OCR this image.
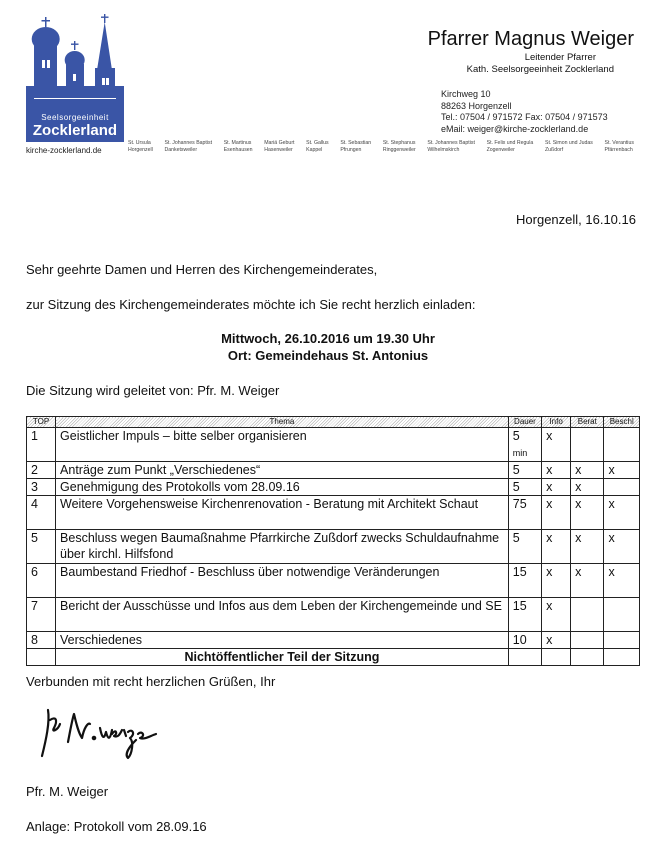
Seelsorgeeinheit
Zocklerland
kirche-zocklerland.de
Pfarrer Magnus Weiger
Leitender Pfarrer
Kath. Seelsorgeeinheit Zocklerland
Kirchweg 10
88263 Horgenzell
Tel.: 07504 / 971572 Fax: 07504 / 971573
eMail: weiger@kirche-zocklerland.de
St. Ursula
Horgenzell
St. Johannes Baptist
Danketsweiler
St. Martinus
Esenhausen
Mariä Geburt
Hasenweiler
St. Gallus
Kappel
St. Sebastian
Pfrungen
St. Stephanus
Ringgenweiler
St. Johannes Baptist
Wilhelmskirch
St. Felix und Regula
Zogenweiler
St. Simon und Judas
Zußdorf
St. Verantius
Pfärrenbach
Horgenzell, 16.10.16
Sehr geehrte Damen und Herren des Kirchengemeinderates,
zur Sitzung des Kirchengemeinderates möchte ich Sie recht herzlich einladen:
Mittwoch, 26.10.2016 um 19.30 Uhr
Ort: Gemeindehaus St. Antonius
Die Sitzung wird geleitet von: Pfr. M. Weiger
TOP	Thema	Dauer	Info	Berat	Beschl
1	Geistlicher Impuls – bitte selber organisieren	5 min	x		
2	Anträge zum Punkt „Verschiedenes“	5	x	x	x
3	Genehmigung des Protokolls vom 28.09.16	5	x	x	
4	Weitere Vorgehensweise Kirchenrenovation - Beratung mit Architekt Schaut	75	x	x	x
5	Beschluss wegen Baumaßnahme Pfarrkirche Zußdorf zwecks Schuldaufnahme über kirchl. Hilfsfond	5	x	x	x
6	Baumbestand Friedhof - Beschluss über notwendige Veränderungen	15	x	x	x
7	Bericht der Ausschüsse und Infos aus dem Leben der Kirchengemeinde und SE	15	x		
8	Verschiedenes	10	x		
	Nichtöffentlicher Teil der Sitzung				
Verbunden mit recht herzlichen Grüßen, Ihr
Pfr. M. Weiger
Anlage: Protokoll vom 28.09.16
